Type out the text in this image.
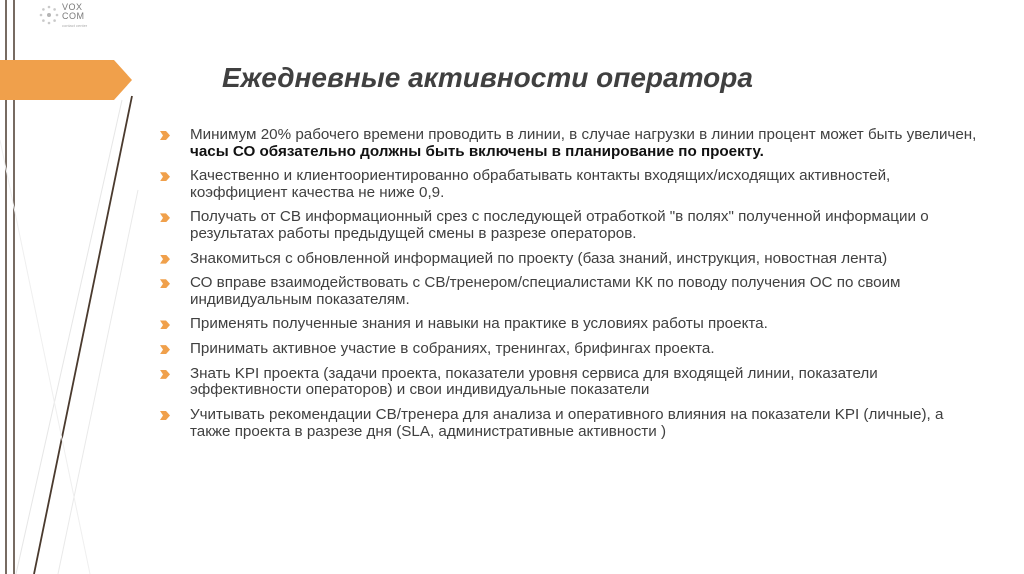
VOX
COM
contact center
Ежедневные активности оператора
Минимум 20% рабочего времени проводить в линии, в случае нагрузки в линии процент может быть увеличен, часы СО обязательно должны быть включены в планирование по проекту.
Качественно и клиентоориентированно обрабатывать контакты входящих/исходящих активностей, коэффициент качества не ниже 0,9.
Получать от СВ информационный срез с последующей отработкой "в полях" полученной информации о результатах работы предыдущей смены в разрезе операторов.
Знакомиться с обновленной информацией по проекту (база знаний, инструкция, новостная лента)
СО вправе взаимодействовать с СВ/тренером/специалистами КК по поводу получения ОС по своим индивидуальным показателям.
Применять полученные знания и навыки на практике в условиях работы проекта.
Принимать активное участие в собраниях, тренингах, брифингах проекта.
Знать KPI проекта (задачи проекта, показатели уровня сервиса для входящей линии, показатели эффективности операторов) и свои индивидуальные показатели
Учитывать рекомендации СВ/тренера для анализа и оперативного влияния на показатели KPI (личные), а также проекта в разрезе дня (SLA, административные активности )
